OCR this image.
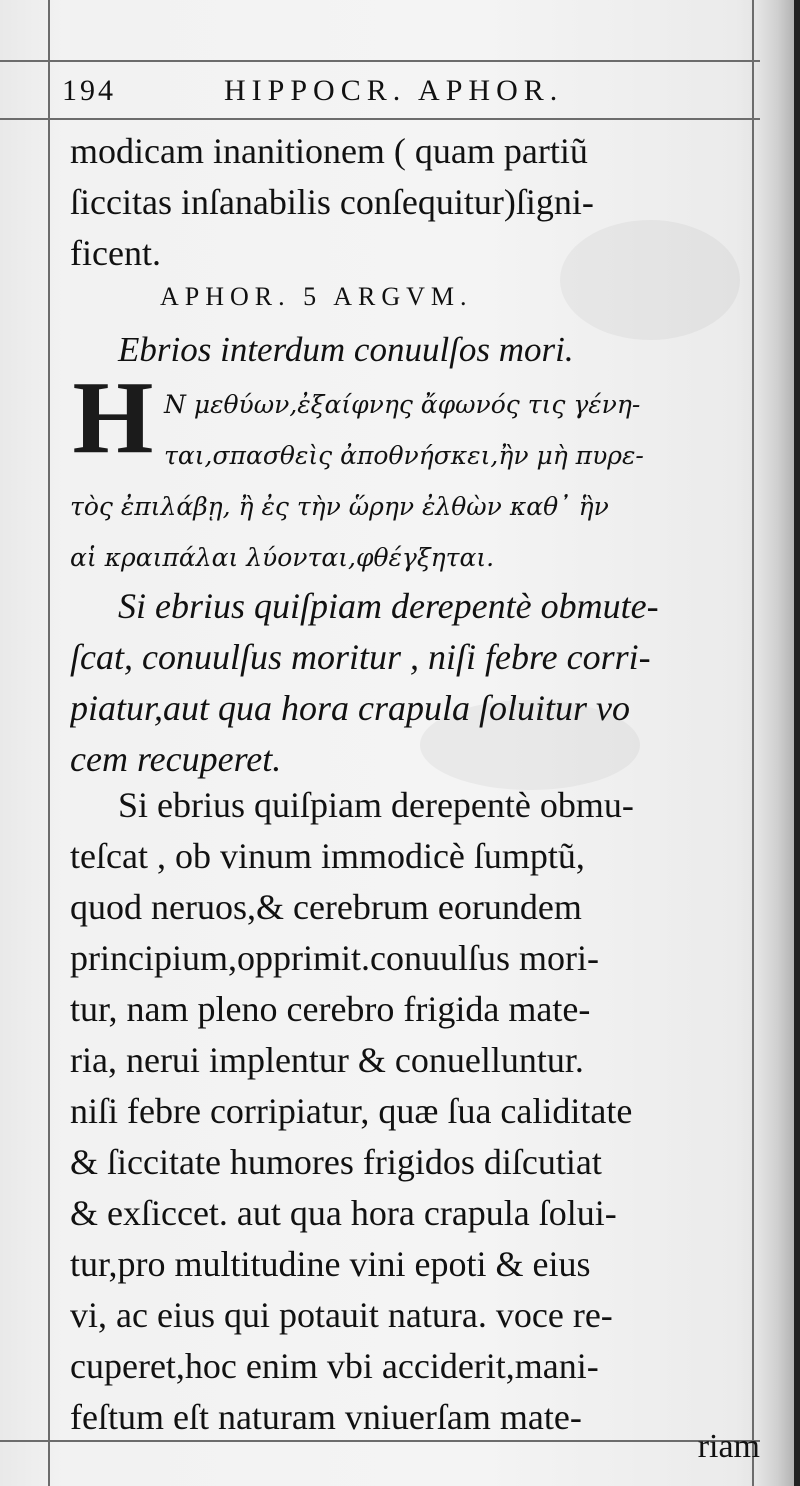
194	HIPPOCR. APHOR.
modicam inanitionem ( quam partiũ
ſiccitas inſanabilis conſequitur)ſigni-
ficent.
APHOR. 5 ARGVM.
Ebrios interdum conuulſos mori.
H N μεθύων,ἐξαίφνης ἄφωνός τις γένη-
ται,σπασθεὶς ἀποθνήσκει,ἢν μὴ πυρε-
τὸς ἐπιλάβῃ, ἢ ἐς τὴν ὥρην ἐλθὼν καθ᾽ ἣν
αἱ κραιπάλαι λύονται,φθέγξηται.
Si ebrius quiſpiam derepentè obmute-
ſcat, conuulſus moritur , niſi febre corri-
piatur,aut qua hora crapula ſoluitur vo
cem recuperet.
Si ebrius quiſpiam derepentè obmu-
teſcat , ob vinum immodicè ſumptũ,
quod neruos,& cerebrum eorundem
principium,opprimit.conuulſus mori-
tur, nam pleno cerebro frigida mate-
ria, nerui implentur & conuelluntur.
niſi febre corripiatur, quæ ſua caliditate
& ſiccitate humores frigidos diſcutiat
& exſiccet. aut qua hora crapula ſolui-
tur,pro multitudine vini epoti & eius
vi, ac eius qui potauit natura. voce re-
cuperet,hoc enim vbi acciderit,mani-
feſtum eſt naturam vniuerſam mate-
riam
